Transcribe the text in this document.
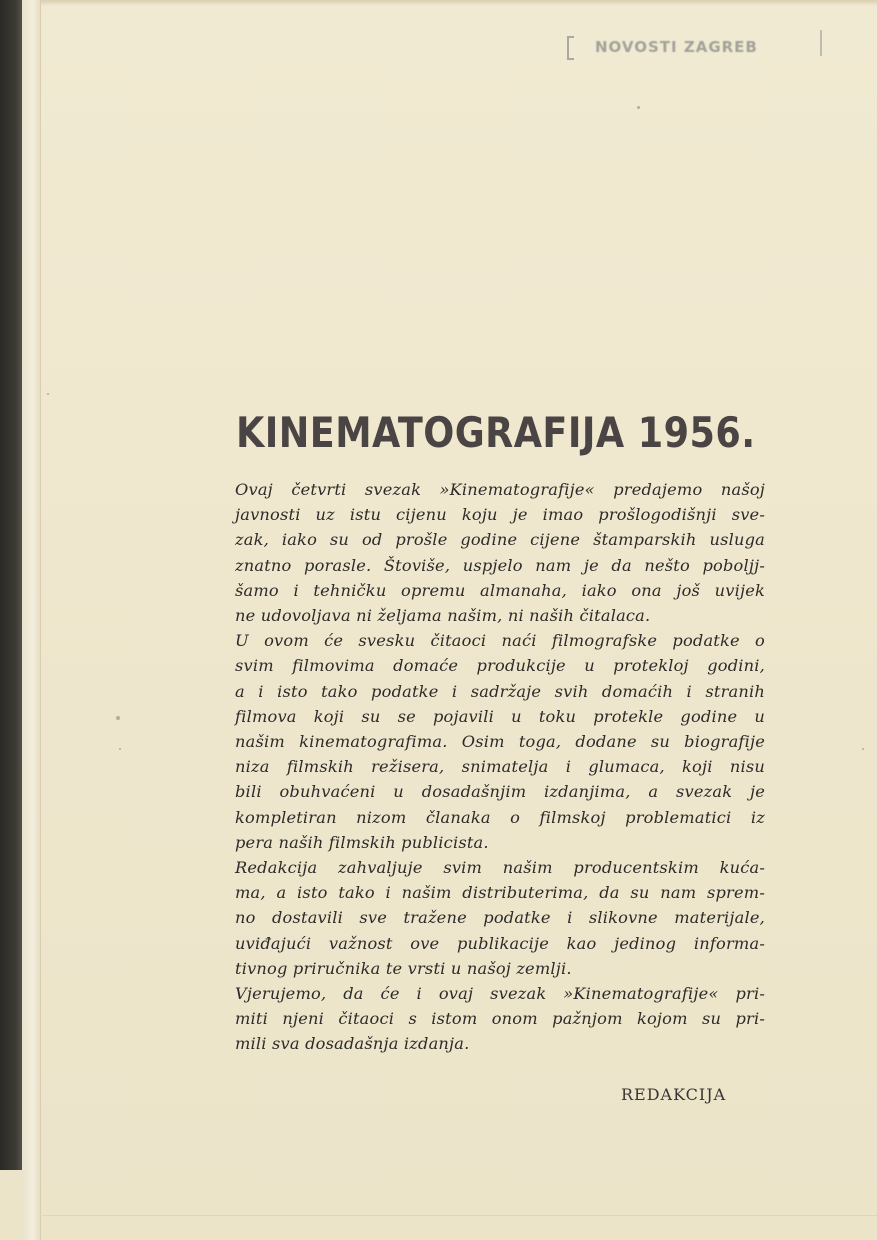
NOVOSTI ZAGREB
KINEMATOGRAFIJA 1956.
Ovaj četvrti svezak »Kinematografije« predajemo našoj
javnosti uz istu cijenu koju je imao prošlogodišnji sve-
zak, iako su od prošle godine cijene štamparskih usluga
znatno porasle. Štoviše, uspjelo nam je da nešto poboljj-
šamo i tehničku opremu almanaha, iako ona još uvijek
ne udovoljava ni željama našim, ni naših čitalaca.
U ovom će svesku čitaoci naći filmografske podatke o
svim filmovima domaće produkcije u proteklој godini,
a i isto tako podatke i sadržaje svih domaćih i stranih
filmova koji su se pojavili u toku protekle godine u
našim kinematografima. Osim toga, dodane su biografije
niza filmskih režisera, snimatelja i glumaca, koji nisu
bili obuhvaćeni u dosadašnjim izdanjima, a svezak je
kompletiran nizom članaka o filmskoj problematici iz
pera naših filmskih publicista.
Redakcija zahvaljuje svim našim producentskim kuća-
ma, a isto tako i našim distributerima, da su nam sprem-
no dostavili sve tražene podatke i slikovne materijale,
uviđajući važnost ove publikacije kao jedinog informa-
tivnog priručnika te vrsti u našoj zemlji.
Vjerujemo, da će i ovaj svezak »Kinematografije« pri-
miti njeni čitaoci s istom onom pažnjom kojom su pri-
mili sva dosadašnja izdanja.
REDAKCIJA
